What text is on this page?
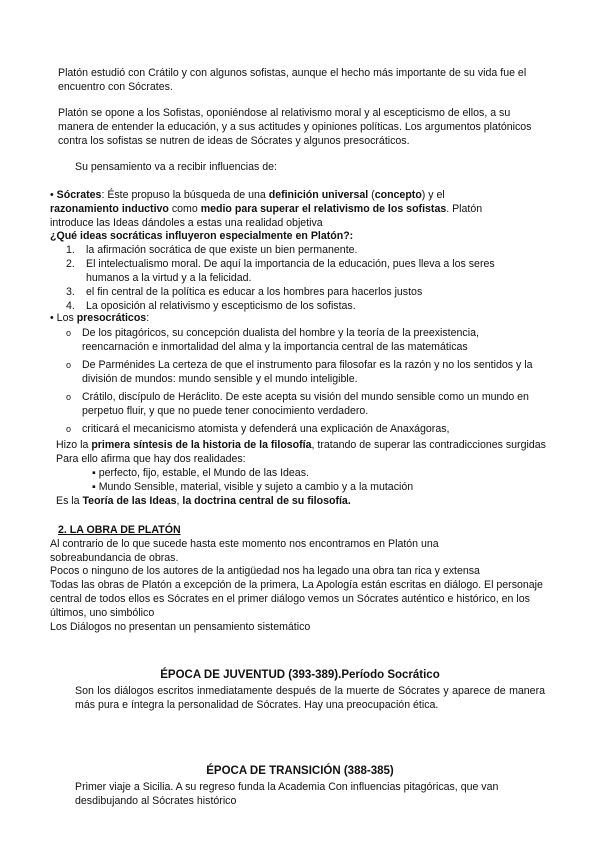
Platón estudió con Crátilo y con algunos sofistas, aunque el hecho más importante de su vida fue el encuentro con Sócrates.

Platón se opone a los Sofistas, oponiéndose al relativismo moral y al escepticismo de ellos, a su manera de entender la educación, y a sus actitudes y opiniones políticas. Los argumentos platónicos contra los sofistas se nutren de ideas de Sócrates y algunos presocráticos.

Su pensamiento va a recibir influencias de:

• Sócrates: Éste propuso la búsqueda de una definición universal (concepto) y el
razonamiento inductivo como medio para superar el relativismo de los sofistas. Platón
introduce las Ideas dándoles a estas una realidad objetiva

¿Qué ideas socráticas influyeron especialmente en Platón?:

1. la afirmación socrática de que existe un bien permanente.
2. El intelectualismo moral. De aquí la importancia de la educación, pues lleva a los seres humanos a la virtud y a la felicidad.
3. el fin central de la política es educar a los hombres para hacerlos justos
4. La oposición al relativismo y escepticismo de los sofistas.

• Los presocráticos:

o De los pitagóricos, su concepción dualista del hombre y la teoría de la preexistencia, reencarnación e inmortalidad del alma y la importancia central de las matemáticas
o De Parménides La certeza de que el instrumento para filosofar es la razón y no los sentidos y la división de mundos: mundo sensible y el mundo inteligible.
o Crátilo, discípulo de Heráclito. De este acepta su visión del mundo sensible como un mundo en perpetuo fluir, y que no puede tener conocimiento verdadero.
o criticará el mecanicismo atomista y defenderá una explicación de Anaxágoras,

Hizo la primera síntesis de la historia de la filosofía, tratando de superar las contradicciones surgidas Para ello afirma que hay dos realidades:

▪ perfecto, fijo, estable, el Mundo de las Ideas.

▪ Mundo Sensible, material, visible y sujeto a cambio y a la mutación

Es la Teoría de las Ideas, la doctrina central de su filosofía.

2. LA OBRA DE PLATÓN

Al contrario de lo que sucede hasta este momento nos encontramos en Platón una sobreabundancia de obras.

Pocos o ninguno de los autores de la antigüedad nos ha legado una obra tan rica y extensa

Todas las obras de Platón a excepción de la primera, La Apología están escritas en diálogo. El personaje central de todos ellos es Sócrates en el primer diálogo vemos un Sócrates auténtico e histórico, en los últimos, uno simbólico

Los Diálogos no presentan un pensamiento sistemático

ÉPOCA DE JUVENTUD (393-389).Período Socrático

Son los diálogos escritos inmediatamente después de la muerte de Sócrates y aparece de manera más pura e íntegra la personalidad de Sócrates. Hay una preocupación ética.

ÉPOCA DE TRANSICIÓN (388-385)

Primer viaje a Sicilia. A su regreso funda la Academia Con influencias pitagóricas, que van desdibujando al Sócrates histórico
